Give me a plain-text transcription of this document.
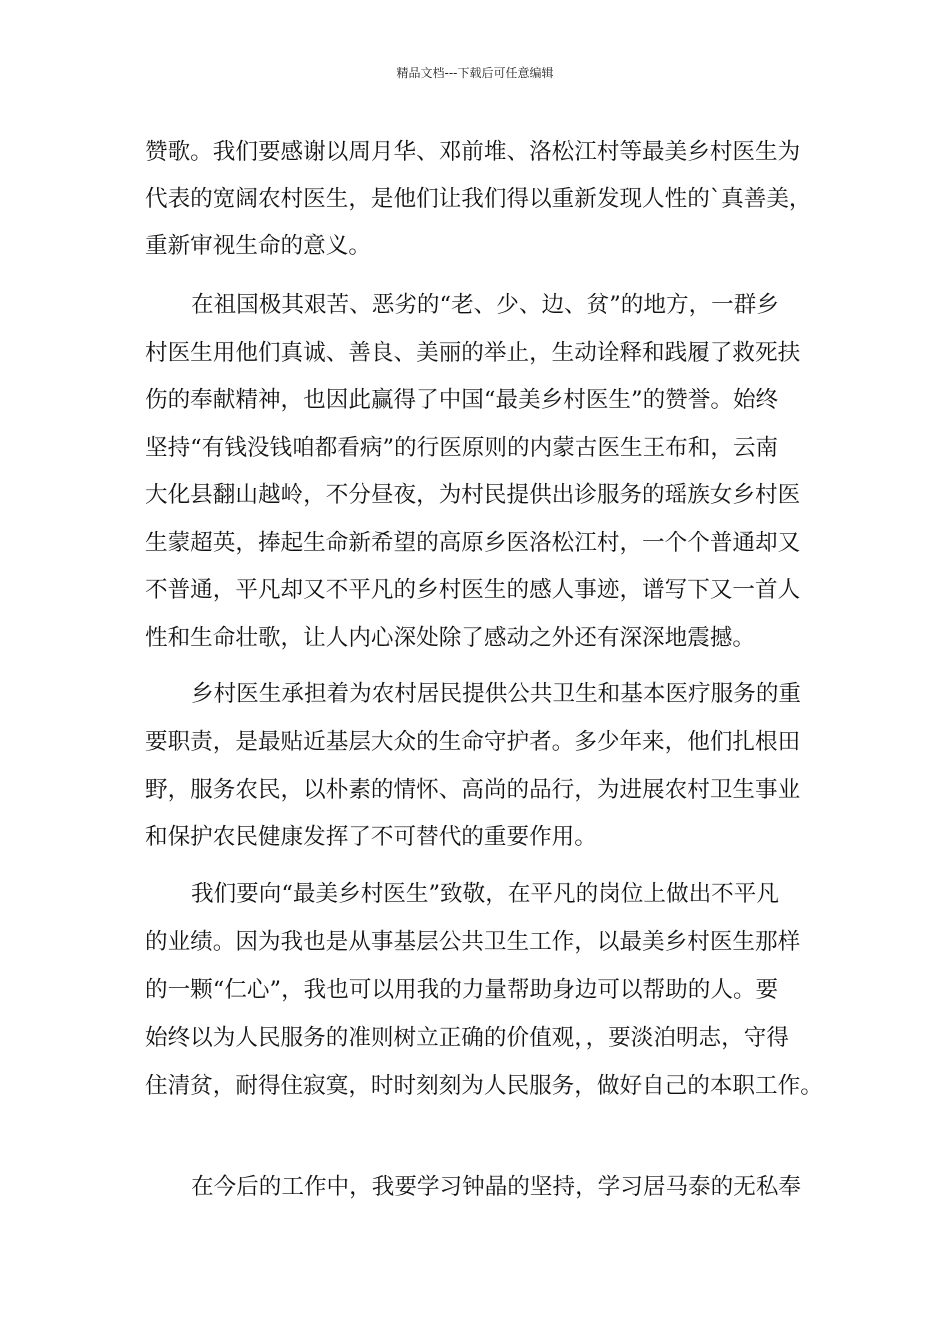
精品文档---下载后可任意编辑
赞歌。我们要感谢以周月华、邓前堆、洛松江村等最美乡村医生为
代表的宽阔农村医生，是他们让我们得以重新发现人性的`真善美，
重新审视生命的意义。
在祖国极其艰苦、恶劣的“老、少、边、贫”的地方，一群乡
村医生用他们真诚、善良、美丽的举止，生动诠释和践履了救死扶
伤的奉献精神，也因此赢得了中国“最美乡村医生”的赞誉。始终
坚持“有钱没钱咱都看病”的行医原则的内蒙古医生王布和，云南
大化县翻山越岭，不分昼夜，为村民提供出诊服务的瑶族女乡村医
生蒙超英，捧起生命新希望的高原乡医洛松江村，一个个普通却又
不普通，平凡却又不平凡的乡村医生的感人事迹，谱写下又一首人
性和生命壮歌，让人内心深处除了感动之外还有深深地震撼。
乡村医生承担着为农村居民提供公共卫生和基本医疗服务的重
要职责，是最贴近基层大众的生命守护者。多少年来，他们扎根田
野，服务农民，以朴素的情怀、高尚的品行，为进展农村卫生事业
和保护农民健康发挥了不可替代的重要作用。
我们要向“最美乡村医生”致敬，在平凡的岗位上做出不平凡
的业绩。因为我也是从事基层公共卫生工作，以最美乡村医生那样
的一颗“仁心”，我也可以用我的力量帮助身边可以帮助的人。要
始终以为人民服务的准则树立正确的价值观，，要淡泊明志，守得
住清贫，耐得住寂寞，时时刻刻为人民服务，做好自己的本职工作。
在今后的工作中，我要学习钟晶的坚持，学习居马泰的无私奉
